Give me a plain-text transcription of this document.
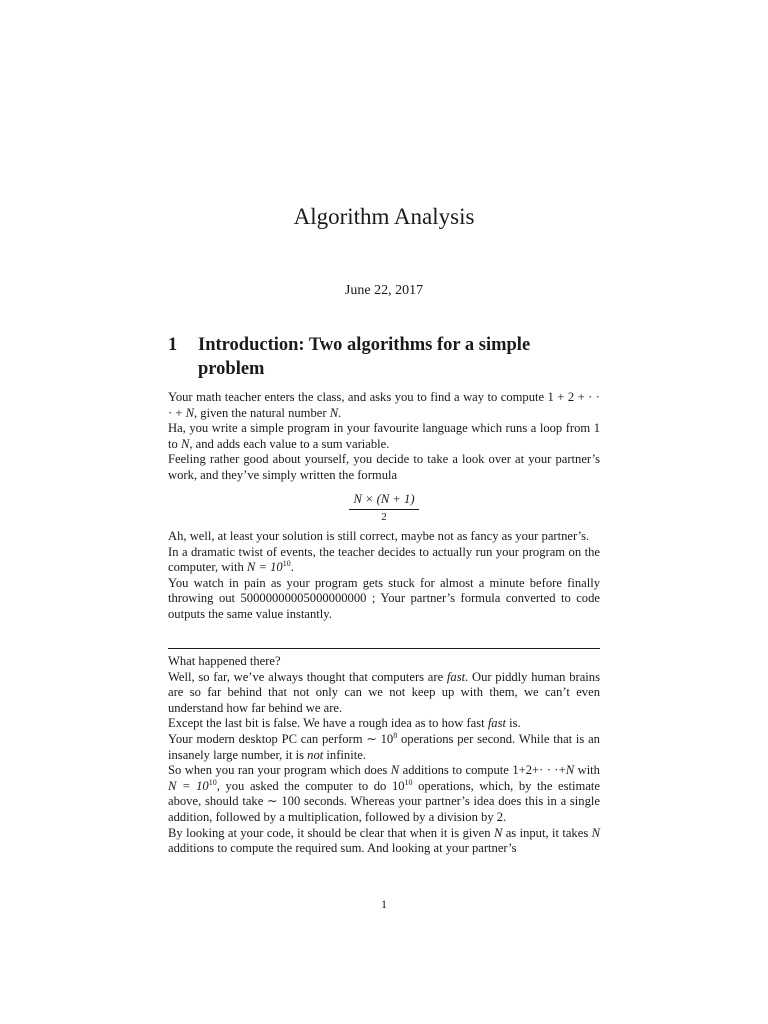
Algorithm Analysis
June 22, 2017
1	Introduction: Two algorithms for a simple problem

Your math teacher enters the class, and asks you to find a way to compute 1 + 2 + · · · + N, given the natural number N.

Ha, you write a simple program in your favourite language which runs a loop from 1 to N, and adds each value to a sum variable.

Feeling rather good about yourself, you decide to take a look over at your partner’s work, and they’ve simply written the formula

$\frac{N \times (N + 1)}{2}$

Ah, well, at least your solution is still correct, maybe not as fancy as your partner’s.

In a dramatic twist of events, the teacher decides to actually run your program on the computer, with $N = 10^{10}$.

You watch in pain as your program gets stuck for almost a minute before finally throwing out 50000000005000000000 ; Your partner’s formula converted to code outputs the same value instantly.

What happened there?

Well, so far, we’ve always thought that computers are fast. Our piddly human brains are so far behind that not only can we not keep up with them, we can’t even understand how far behind we are.

Except the last bit is false. We have a rough idea as to how fast fast is.

Your modern desktop PC can perform ∼ $10^8$ operations per second. While that is an insanely large number, it is not infinite.

So when you ran your program which does N additions to compute 1+2+· · ·+N with $N = 10^{10}$, you asked the computer to do $10^{10}$ operations, which, by the estimate above, should take ∼ 100 seconds. Whereas your partner’s idea does this in a single addition, followed by a multiplication, followed by a division by 2.

By looking at your code, it should be clear that when it is given N as input, it takes N additions to compute the required sum. And looking at your partner’s

1
